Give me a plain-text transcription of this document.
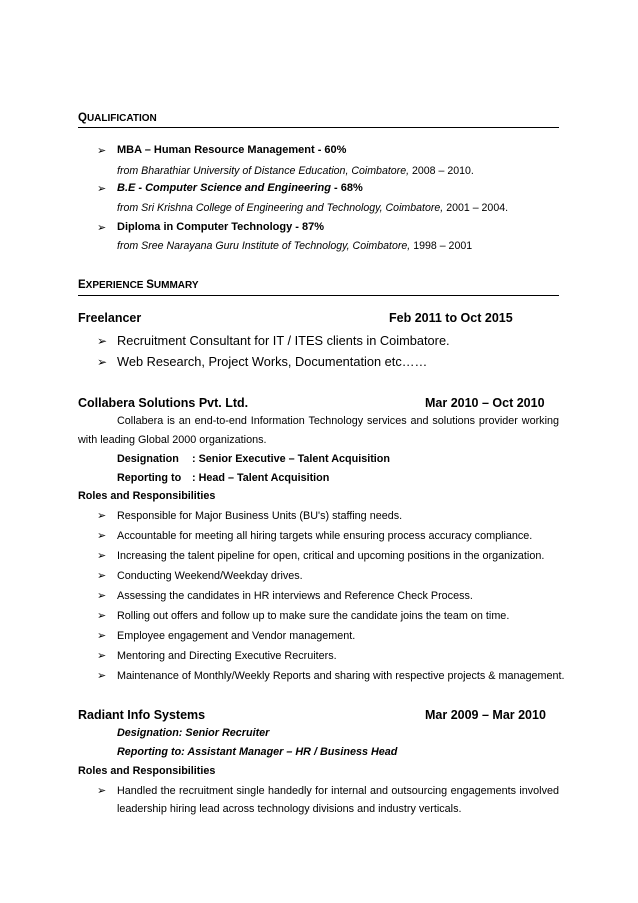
QUALIFICATION
➢ MBA – Human Resource Management - 60%
from Bharathiar University of Distance Education, Coimbatore, 2008 – 2010.
➢ B.E - Computer Science and Engineering - 68%
from Sri Krishna College of Engineering and Technology, Coimbatore, 2001 – 2004.
➢ Diploma in Computer Technology - 87%
from Sree Narayana Guru Institute of Technology, Coimbatore, 1998 – 2001
EXPERIENCE SUMMARY
Freelancer	Feb 2011 to Oct 2015
➢ Recruitment Consultant for IT / ITES clients in Coimbatore.
➢ Web Research, Project Works, Documentation etc……
Collabera Solutions Pvt. Ltd.	Mar 2010 – Oct 2010
Collabera is an end-to-end Information Technology services and solutions provider working
with leading Global 2000 organizations.
Designation : Senior Executive – Talent Acquisition
Reporting to : Head – Talent Acquisition
Roles and Responsibilities
➢ Responsible for Major Business Units (BU's) staffing needs.
➢ Accountable for meeting all hiring targets while ensuring process accuracy compliance.
➢ Increasing the talent pipeline for open, critical and upcoming positions in the organization.
➢ Conducting Weekend/Weekday drives.
➢ Assessing the candidates in HR interviews and Reference Check Process.
➢ Rolling out offers and follow up to make sure the candidate joins the team on time.
➢ Employee engagement and Vendor management.
➢ Mentoring and Directing Executive Recruiters.
➢ Maintenance of Monthly/Weekly Reports and sharing with respective projects & management.
Radiant Info Systems	Mar 2009 – Mar 2010
Designation: Senior Recruiter
Reporting to: Assistant Manager – HR / Business Head
Roles and Responsibilities
➢ Handled the recruitment single handedly for internal and outsourcing engagements involved
leadership hiring lead across technology divisions and industry verticals.
